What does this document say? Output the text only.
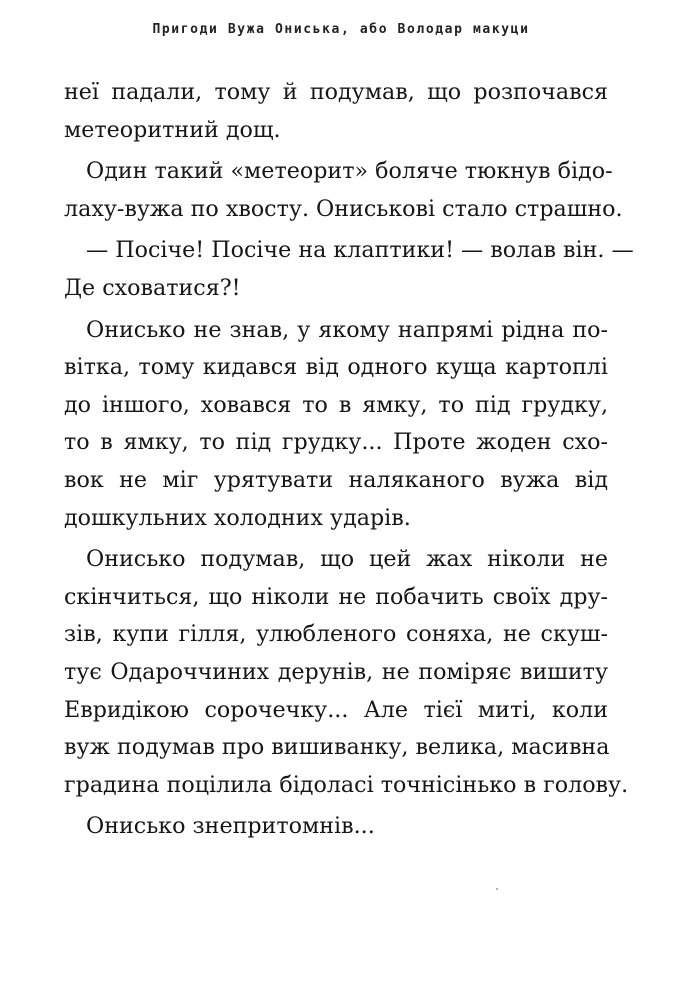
Пригоди Вужа Ониська, або Володар макуци
неї падали, тому й подумав, що розпочався
метеоритний дощ.
Один такий «метеорит» боляче тюкнув бідо-
лаху-вужа по хвосту. Ониськові стало страшно.
— Посіче! Посіче на клаптики! — волав він. —
Де сховатися?!
Онисько не знав, у якому напрямі рідна по-
вітка, тому кидався від одного куща картоплі
до іншого, ховався то в ямку, то під грудку,
то в ямку, то під грудку... Проте жоден схо-
вок не міг урятувати наляканого вужа від
дошкульних холодних ударів.
Онисько подумав, що цей жах ніколи не
скінчиться, що ніколи не побачить своїх дру-
зів, купи гілля, улюбленого соняха, не скуш-
тує Одароччиних дерунів, не поміряє вишиту
Евридікою сорочечку... Але тієї миті, коли
вуж подумав про вишиванку, велика, масивна
градина поцілила бідоласі точнісінько в голову.
Онисько знепритомнів...
